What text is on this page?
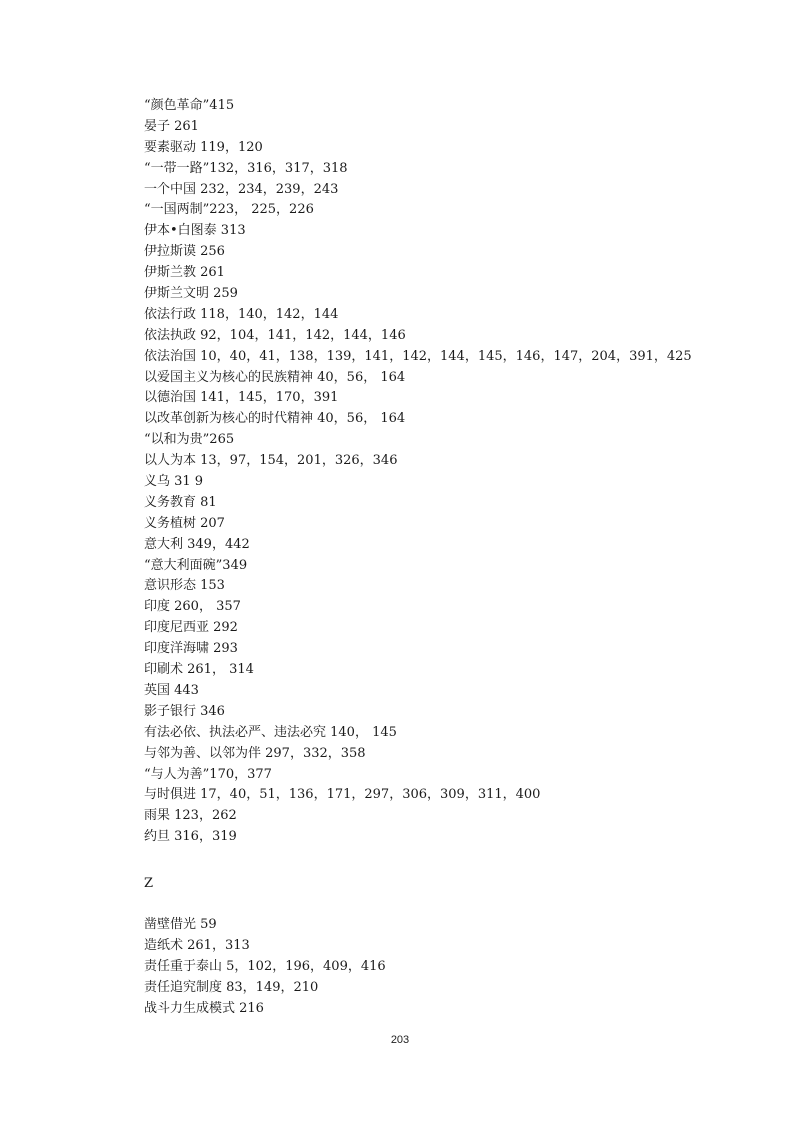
“颜色革命”415
晏子 261
要素驱动 119，120
“一带一路”132，316，317，318
一个中国 232，234，239，243
“一国两制”223， 225，226
伊本•白图泰 313
伊拉斯谟 256
伊斯兰教 261
伊斯兰文明 259
依法行政 118，140，142，144
依法执政 92，104，141，142，144，146
依法治国 10，40，41，138，139，141，142，144，145，146，147，204，391，425
以爱国主义为核心的民族精神 40，56， 164
以德治国 141，145，170，391
以改革创新为核心的时代精神 40，56， 164
“以和为贵”265
以人为本 13，97，154，201，326，346
义乌 31 9
义务教育 81
义务植树 207
意大利 349，442
“意大利面碗”349
意识形态 153
印度 260， 357
印度尼西亚 292
印度洋海啸 293
印刷术 261， 314
英国 443
影子银行 346
有法必依、执法必严、违法必究 140， 145
与邻为善、以邻为伴 297，332，358
“与人为善”170，377
与时俱进 17，40，51，136，171，297，306，309，311，400
雨果 123，262
约旦 316，319
Z
凿壁借光 59
造纸术 261，313
责任重于泰山 5，102，196，409，416
责任追究制度 83，149，210
战斗力生成模式 216
203
